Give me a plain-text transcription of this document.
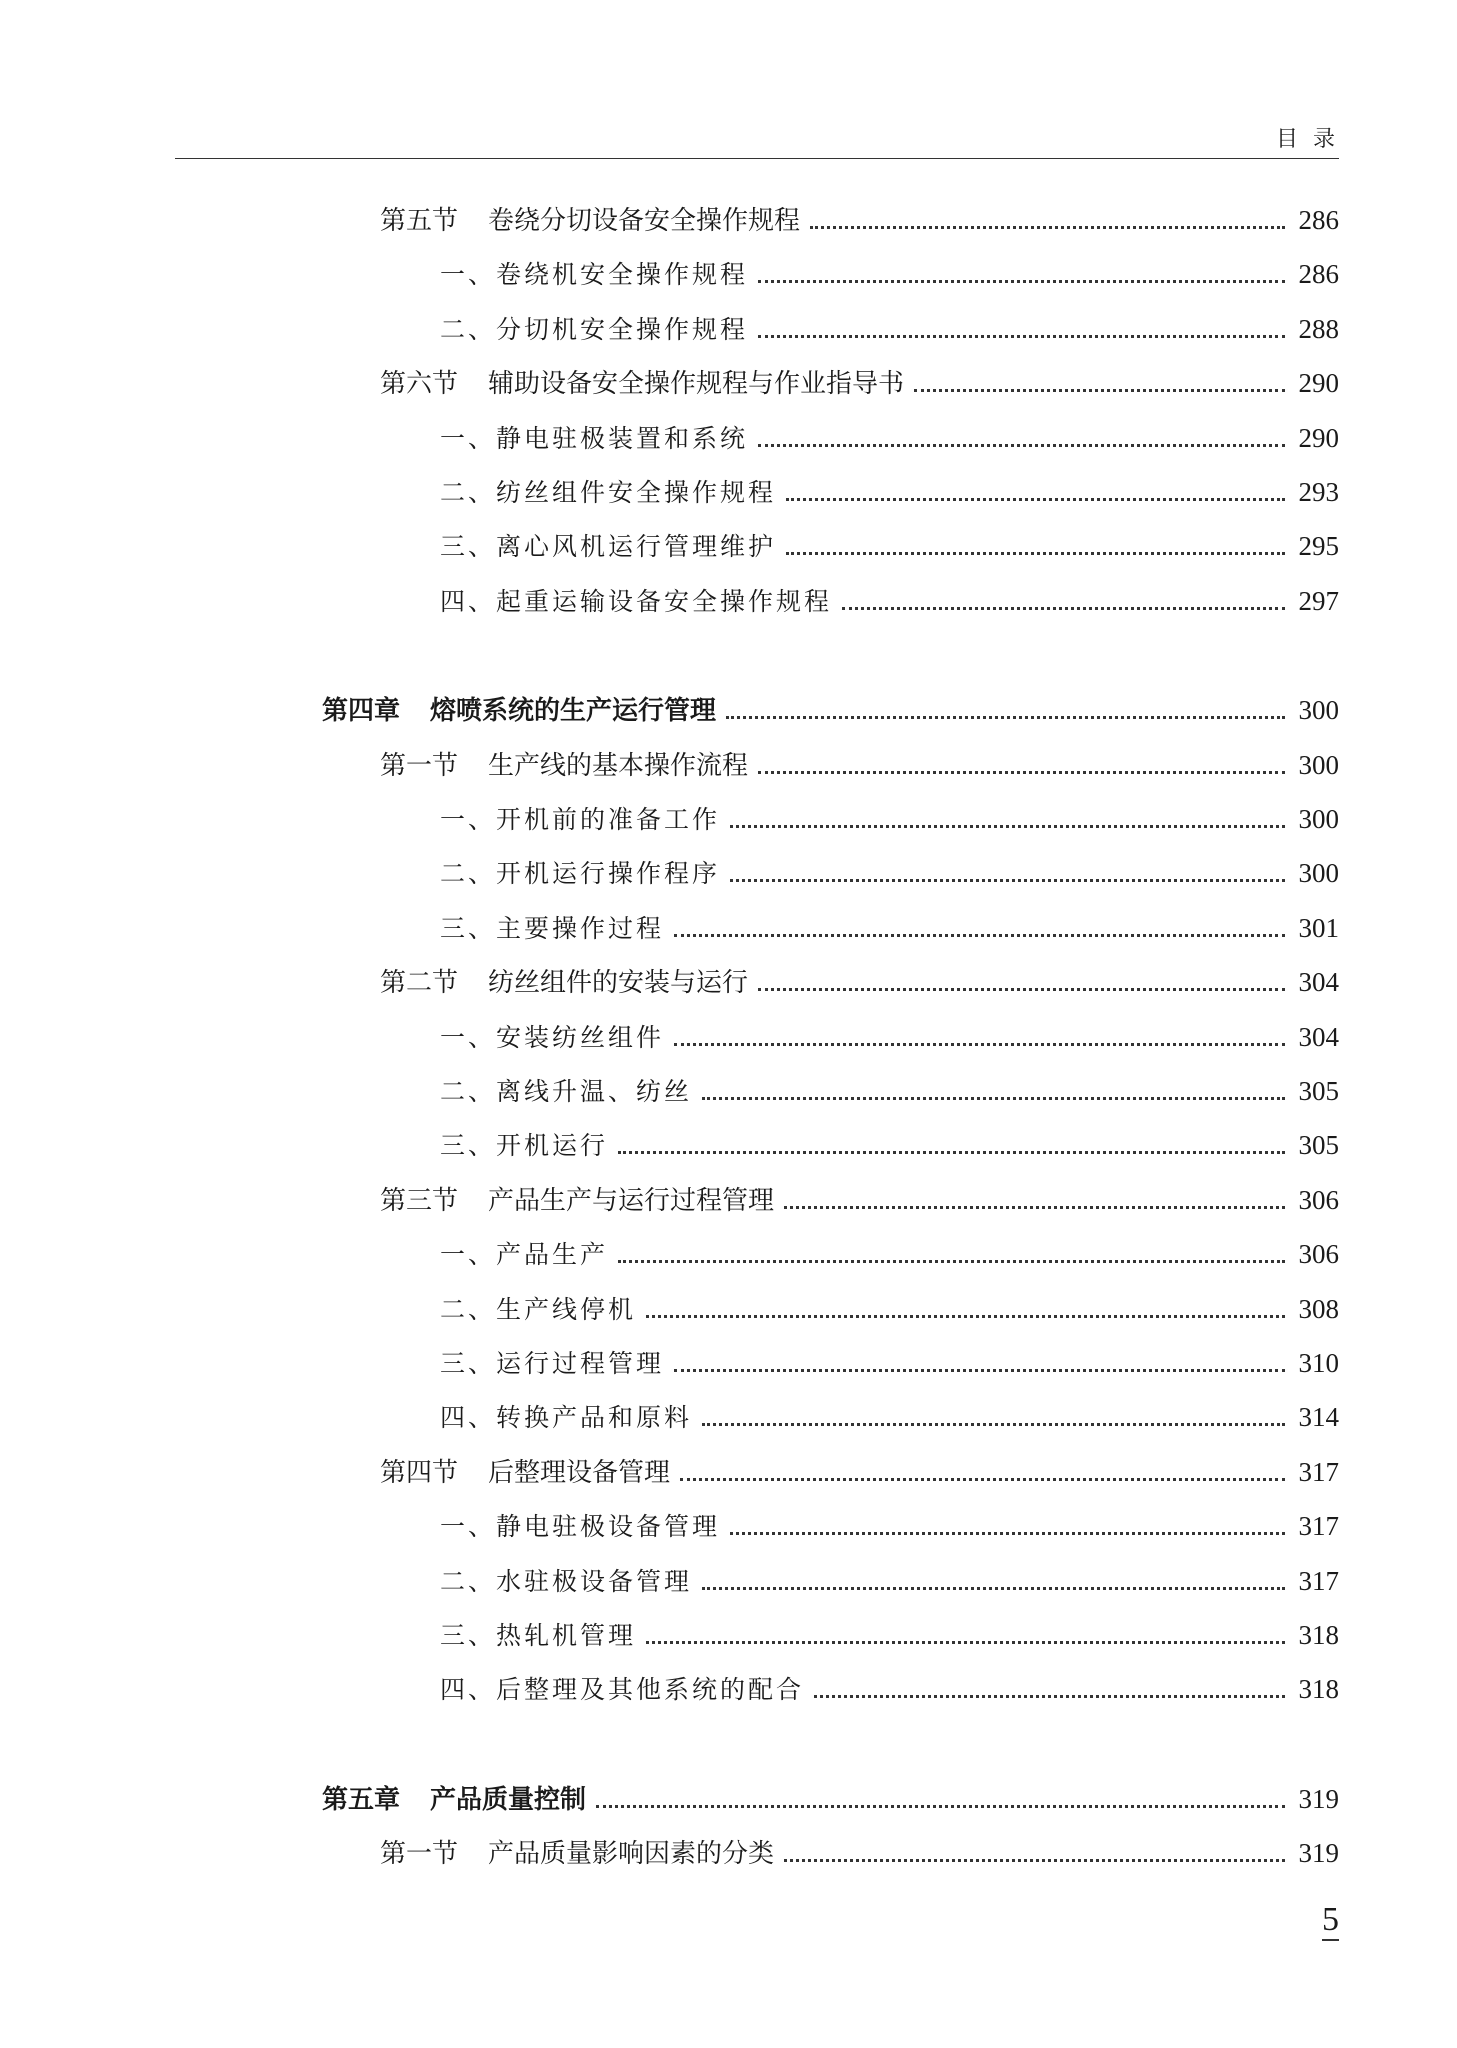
目 录
第五节 卷绕分切设备安全操作规程	286
一、卷绕机安全操作规程	286
二、分切机安全操作规程	288
第六节 辅助设备安全操作规程与作业指导书	290
一、静电驻极装置和系统	290
二、纺丝组件安全操作规程	293
三、离心风机运行管理维护	295
四、起重运输设备安全操作规程	297
第四章 熔喷系统的生产运行管理	300
第一节 生产线的基本操作流程	300
一、开机前的准备工作	300
二、开机运行操作程序	300
三、主要操作过程	301
第二节 纺丝组件的安装与运行	304
一、安装纺丝组件	304
二、离线升温、纺丝	305
三、开机运行	305
第三节 产品生产与运行过程管理	306
一、产品生产	306
二、生产线停机	308
三、运行过程管理	310
四、转换产品和原料	314
第四节 后整理设备管理	317
一、静电驻极设备管理	317
二、水驻极设备管理	317
三、热轧机管理	318
四、后整理及其他系统的配合	318
第五章 产品质量控制	319
第一节 产品质量影响因素的分类	319
5
